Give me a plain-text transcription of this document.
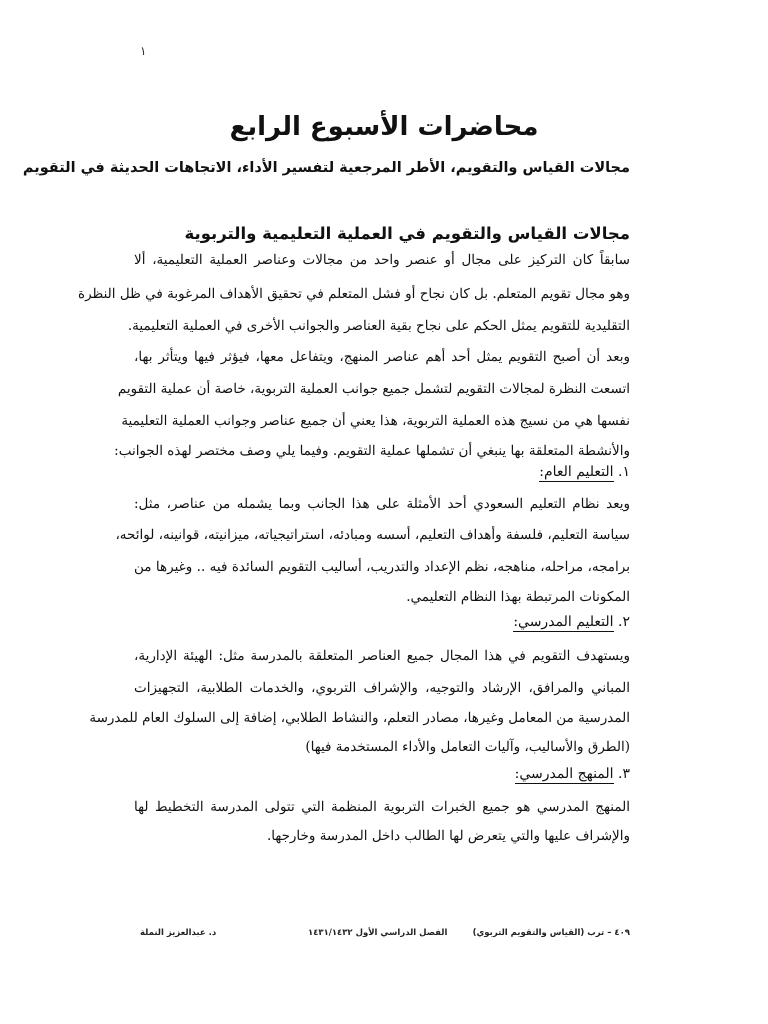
١
محاضرات الأسبوع الرابع
مجالات القياس والتقويم، الأطر المرجعية لتفسير الأداء، الاتجاهات الحديثة في التقويم
مجالات القياس والتقويم في العملية التعليمية والتربوية
سابقاً كان التركيز على مجال أو عنصر واحد من مجالات وعناصر العملية التعليمية، ألا
وهو مجال تقويم المتعلم. بل كان نجاح أو فشل المتعلم في تحقيق الأهداف المرغوبة في ظل النظرة
التقليدية للتقويم يمثل الحكم على نجاح بقية العناصر والجوانب الأخرى في العملية التعليمية.
وبعد أن أصبح التقويم يمثل أحد أهم عناصر المنهج، ويتفاعل معها، فيؤثر فيها ويتأثر بها،
اتسعت النظرة لمجالات التقويم لتشمل جميع جوانب العملية التربوية، خاصة أن عملية التقويم
نفسها هي من نسيج هذه العملية التربوية، هذا يعني أن جميع عناصر وجوانب العملية التعليمية
والأنشطة المتعلقة بها ينبغي أن تشملها عملية التقويم. وفيما يلي وصف مختصر لهذه الجوانب:
١. التعليم العام:
ويعد نظام التعليم السعودي أحد الأمثلة على هذا الجانب وبما يشمله من عناصر، مثل:
سياسة التعليم، فلسفة وأهداف التعليم، أسسه ومبادئه، استراتيجياته، ميزانيته، قوانينه، لوائحه،
برامجه، مراحله، مناهجه، نظم الإعداد والتدريب، أساليب التقويم السائدة فيه .. وغيرها من
المكونات المرتبطة بهذا النظام التعليمي.
٢. التعليم المدرسي:
ويستهدف التقويم في هذا المجال جميع العناصر المتعلقة بالمدرسة مثل: الهيئة الإدارية،
المباني والمرافق، الإرشاد والتوجيه، والإشراف التربوي، والخدمات الطلابية، التجهيزات
المدرسية من المعامل وغيرها، مصادر التعلم، والنشاط الطلابي، إضافة إلى السلوك العام للمدرسة
(الطرق والأساليب، وآليات التعامل والأداء المستخدمة فيها)
٣. المنهج المدرسي:
المنهج المدرسي هو جميع الخبرات التربوية المنظمة التي تتولى المدرسة التخطيط لها
والإشراف عليها والتي يتعرض لها الطالب داخل المدرسة وخارجها.
٤٠٩ – ترب (القياس والتقويم التربوي)
الفصل الدراسي الأول ١٤٣١/١٤٣٢
د. عبدالعزيز النملة
